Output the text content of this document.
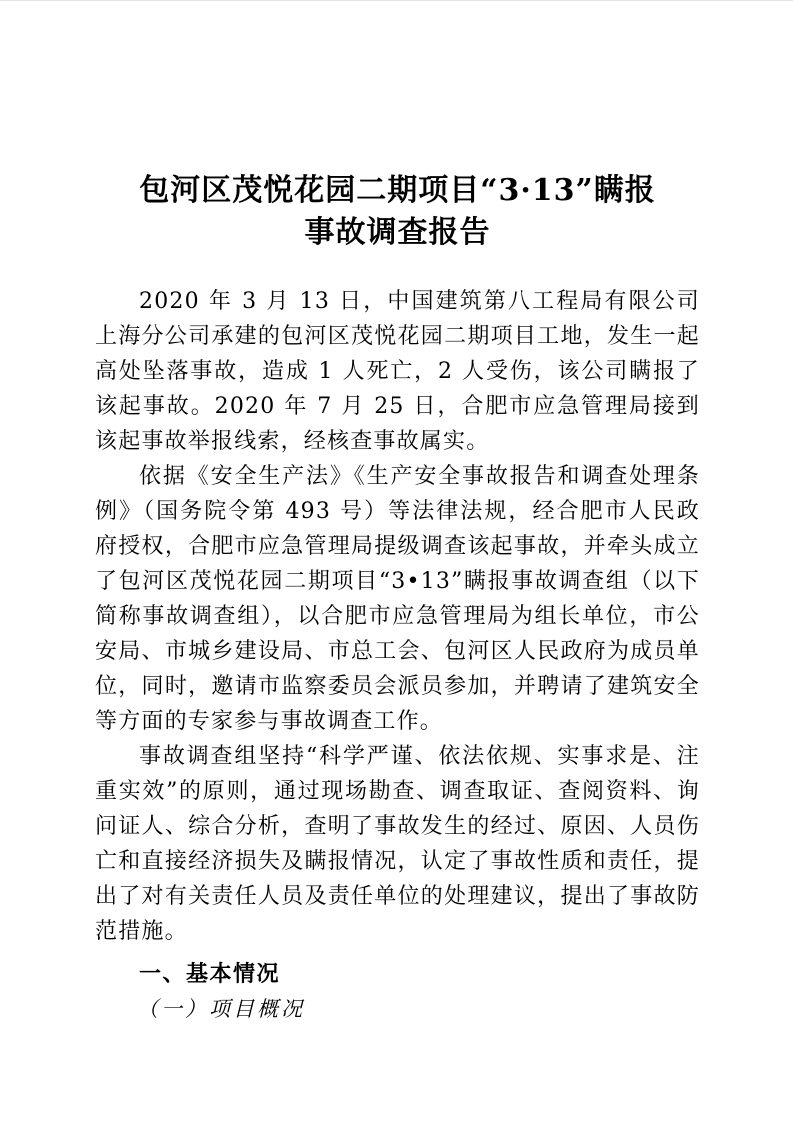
包河区茂悦花园二期项目“3·13”瞒报
事故调查报告

2020 年 3 月 13 日，中国建筑第八工程局有限公司上海分公司承建的包河区茂悦花园二期项目工地，发生一起高处坠落事故，造成 1 人死亡，2 人受伤，该公司瞒报了该起事故。2020 年 7 月 25 日，合肥市应急管理局接到该起事故举报线索，经核查事故属实。

依据《安全生产法》《生产安全事故报告和调查处理条例》（国务院令第 493 号）等法律法规，经合肥市人民政府授权，合肥市应急管理局提级调查该起事故，并牵头成立了包河区茂悦花园二期项目“3•13”瞒报事故调查组（以下简称事故调查组），以合肥市应急管理局为组长单位，市公安局、市城乡建设局、市总工会、包河区人民政府为成员单位，同时，邀请市监察委员会派员参加，并聘请了建筑安全等方面的专家参与事故调查工作。

事故调查组坚持“科学严谨、依法依规、实事求是、注重实效”的原则，通过现场勘查、调查取证、查阅资料、询问证人、综合分析，查明了事故发生的经过、原因、人员伤亡和直接经济损失及瞒报情况，认定了事故性质和责任，提出了对有关责任人员及责任单位的处理建议，提出了事故防范措施。

一、基本情况
（一）项目概况
